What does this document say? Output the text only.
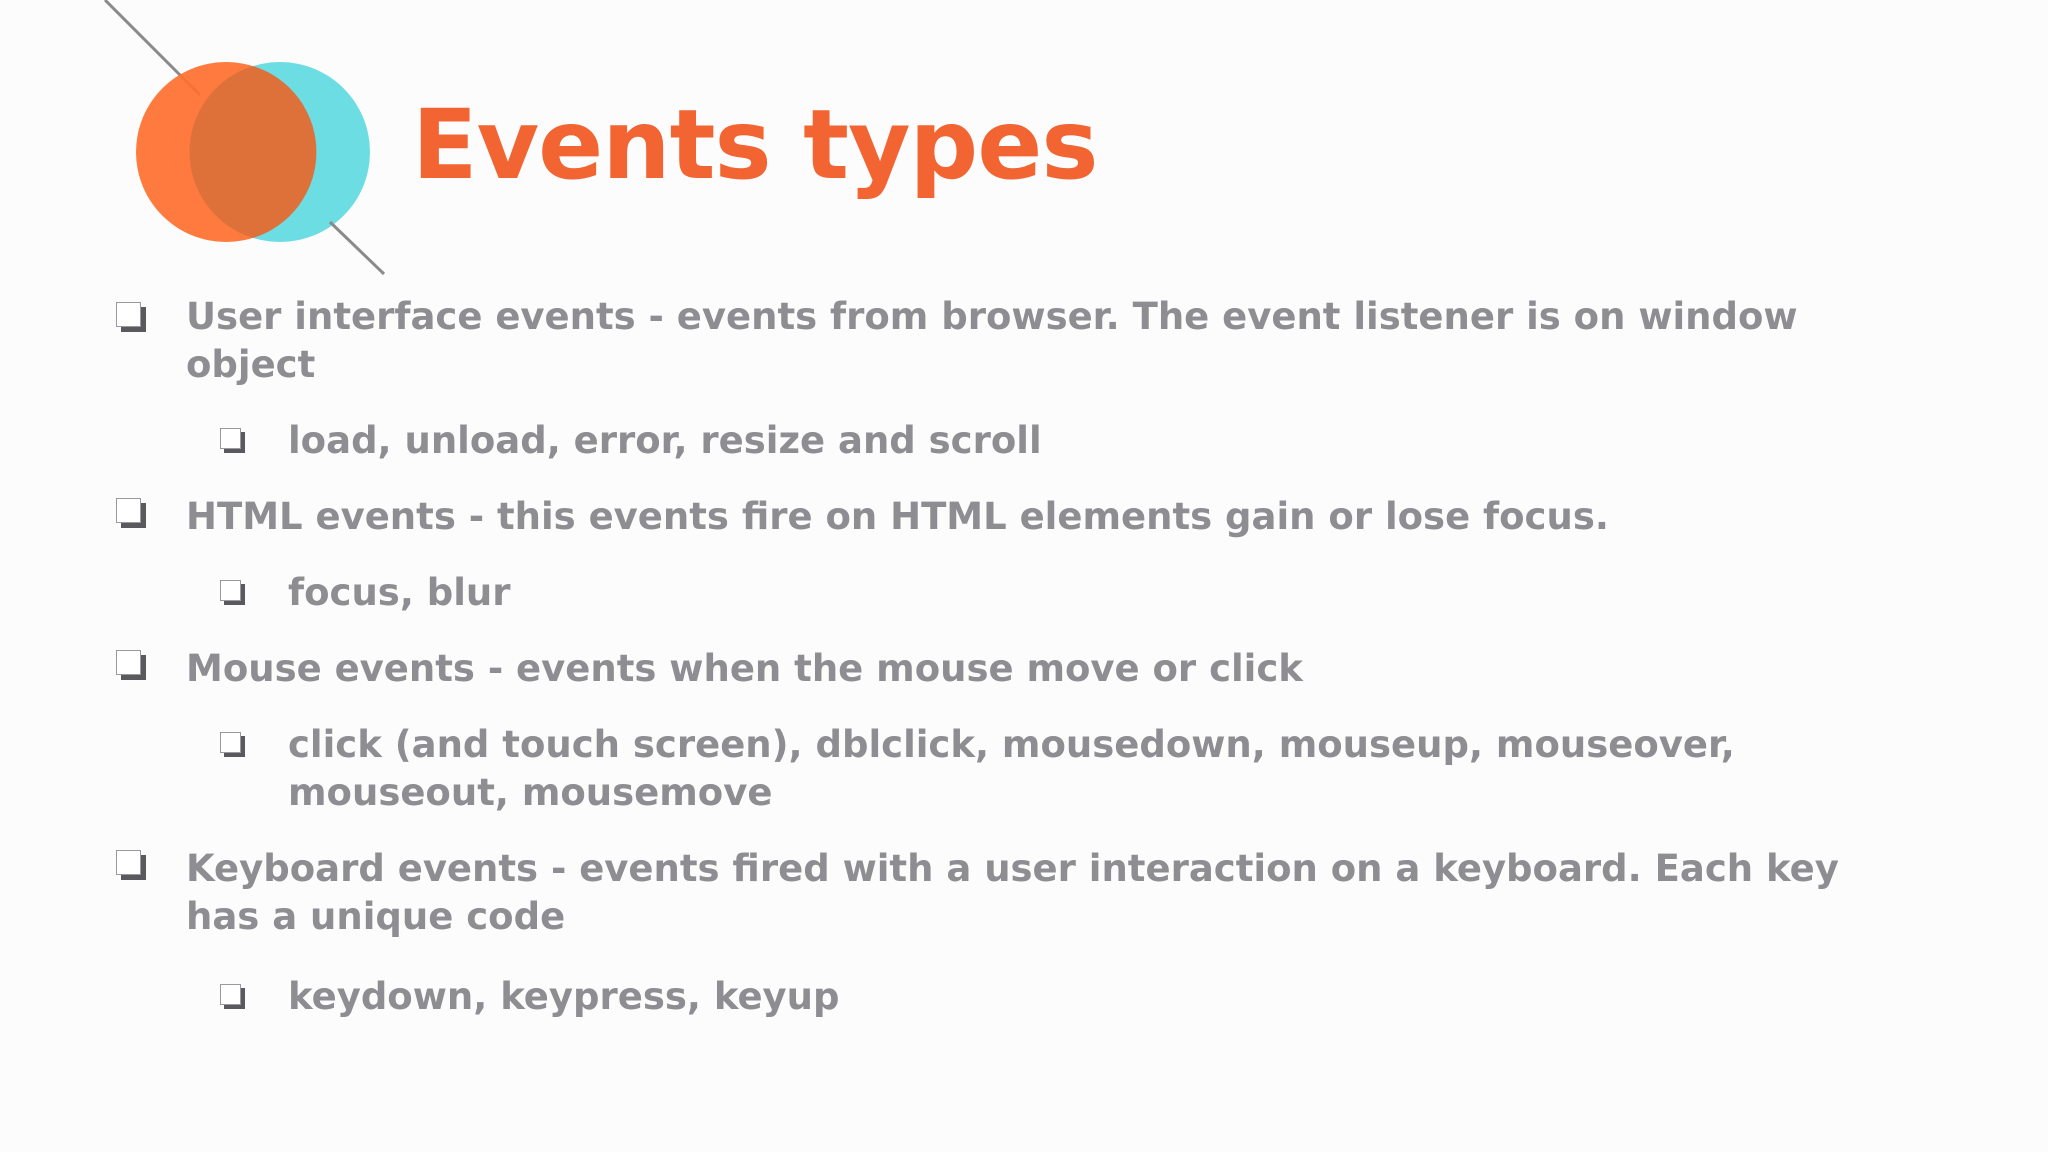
Events types
User interface events - events from browser. The event listener is on window object
load, unload, error, resize and scroll
HTML events - this events fire on HTML elements gain or lose focus.
focus, blur
Mouse events - events when the mouse move or click
click (and touch screen), dblclick, mousedown, mouseup, mouseover, mouseout, mousemove
Keyboard events - events fired with a user interaction on a keyboard. Each key has a unique code
keydown, keypress, keyup
